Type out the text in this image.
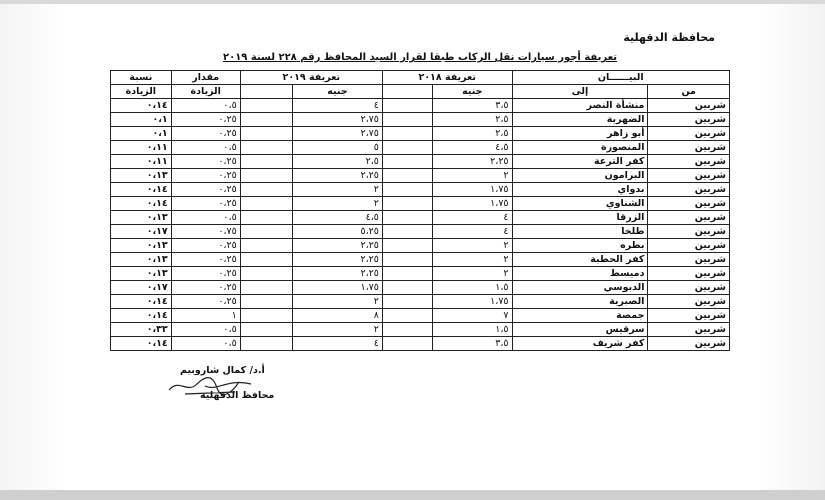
محافظة الدقهلية
تعريفة أجور سيارات نقل الركاب طبقا لقرار السيد المحافظ رقم ٢٢٨ لسنة ٢٠١٩
البيــــــان		تعريفة ٢٠١٨		تعريفة ٢٠١٩		مقدار	نسبة
من	إلى	جنيه		جنيه		الزيادة	الزيادة
شربين	منشأة النصر	٣،٥		٤		٠،٥	٠،١٤
شربين	الضهرية	٢،٥		٢،٧٥		٠،٢٥	٠،١
شربين	أبو زاهر	٢،٥		٢،٧٥		٠،٢٥	٠،١
شربين	المنصورة	٤،٥		٥		٠،٥	٠،١١
شربين	كفر الترعة	٢،٢٥		٢،٥		٠،٢٥	٠،١١
شربين	البرامون	٢		٢،٢٥		٠،٢٥	٠،١٣
شربين	بدواي	١،٧٥		٢		٠،٢٥	٠،١٤
شربين	الشناوي	١،٧٥		٢		٠،٢٥	٠،١٤
شربين	الزرقا	٤		٤،٥		٠،٥	٠،١٣
شربين	طلخا	٤		٥،٢٥		٠،٧٥	٠،١٧
شربين	بطره	٢		٢،٢٥		٠،٢٥	٠،١٣
شربين	كفر الحطبة	٢		٢،٢٥		٠،٢٥	٠،١٣
شربين	دميسط	٢		٢،٢٥		٠،٢٥	٠،١٣
شربين	الدبوسي	١،٥		١،٧٥		٠،٢٥	٠،١٧
شربين	الصبرية	١،٧٥		٢		٠،٢٥	٠،١٤
شربين	جمصة	٧		٨		١	٠،١٤
شربين	سرقيس	١،٥		٢		٠،٥	٠،٣٣
شربين	كفر شريف	٣،٥		٤		٠،٥	٠،١٤
أ.د/ كمال شاروبيم
محافظ الدقهلية
